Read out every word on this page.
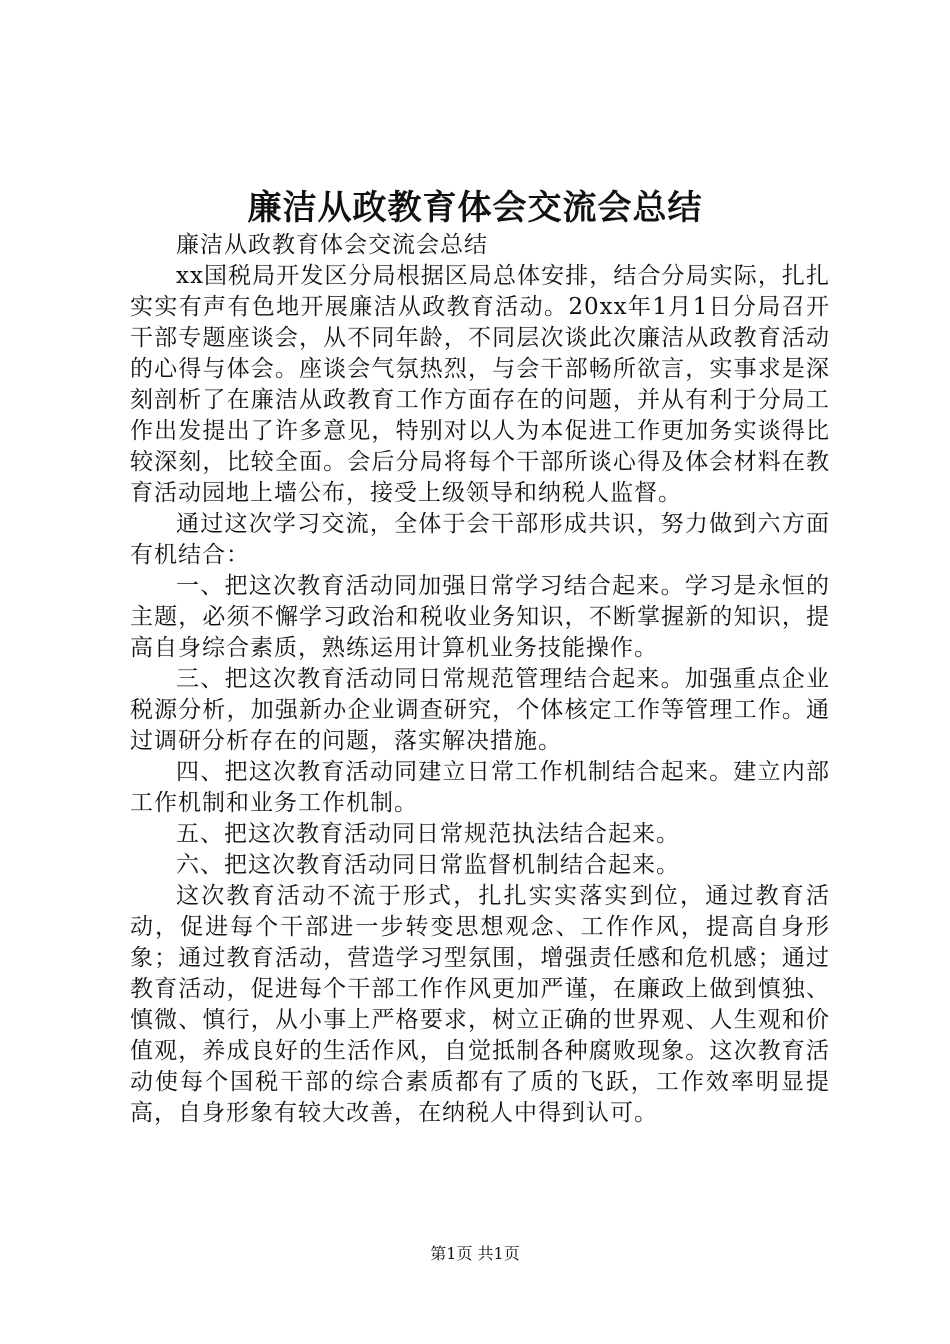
廉洁从政教育体会交流会总结

廉洁从政教育体会交流会总结

xx国税局开发区分局根据区局总体安排，结合分局实际，扎扎实实有声有色地开展廉洁从政教育活动。20xx年1月1日分局召开干部专题座谈会，从不同年龄，不同层次谈此次廉洁从政教育活动的心得与体会。座谈会气氛热烈，与会干部畅所欲言，实事求是深刻剖析了在廉洁从政教育工作方面存在的问题，并从有利于分局工作出发提出了许多意见，特别对以人为本促进工作更加务实谈得比较深刻，比较全面。会后分局将每个干部所谈心得及体会材料在教育活动园地上墙公布，接受上级领导和纳税人监督。

通过这次学习交流，全体于会干部形成共识，努力做到六方面有机结合：

一、把这次教育活动同加强日常学习结合起来。学习是永恒的主题，必须不懈学习政治和税收业务知识，不断掌握新的知识，提高自身综合素质，熟练运用计算机业务技能操作。

三、把这次教育活动同日常规范管理结合起来。加强重点企业税源分析，加强新办企业调查研究，个体核定工作等管理工作。通过调研分析存在的问题，落实解决措施。

四、把这次教育活动同建立日常工作机制结合起来。建立内部工作机制和业务工作机制。

五、把这次教育活动同日常规范执法结合起来。

六、把这次教育活动同日常监督机制结合起来。

这次教育活动不流于形式，扎扎实实落实到位，通过教育活动，促进每个干部进一步转变思想观念、工作作风，提高自身形象；通过教育活动，营造学习型氛围，增强责任感和危机感；通过教育活动，促进每个干部工作作风更加严谨，在廉政上做到慎独、慎微、慎行，从小事上严格要求，树立正确的世界观、人生观和价值观，养成良好的生活作风，自觉抵制各种腐败现象。这次教育活动使每个国税干部的综合素质都有了质的飞跃，工作效率明显提高，自身形象有较大改善，在纳税人中得到认可。

第1页 共1页
